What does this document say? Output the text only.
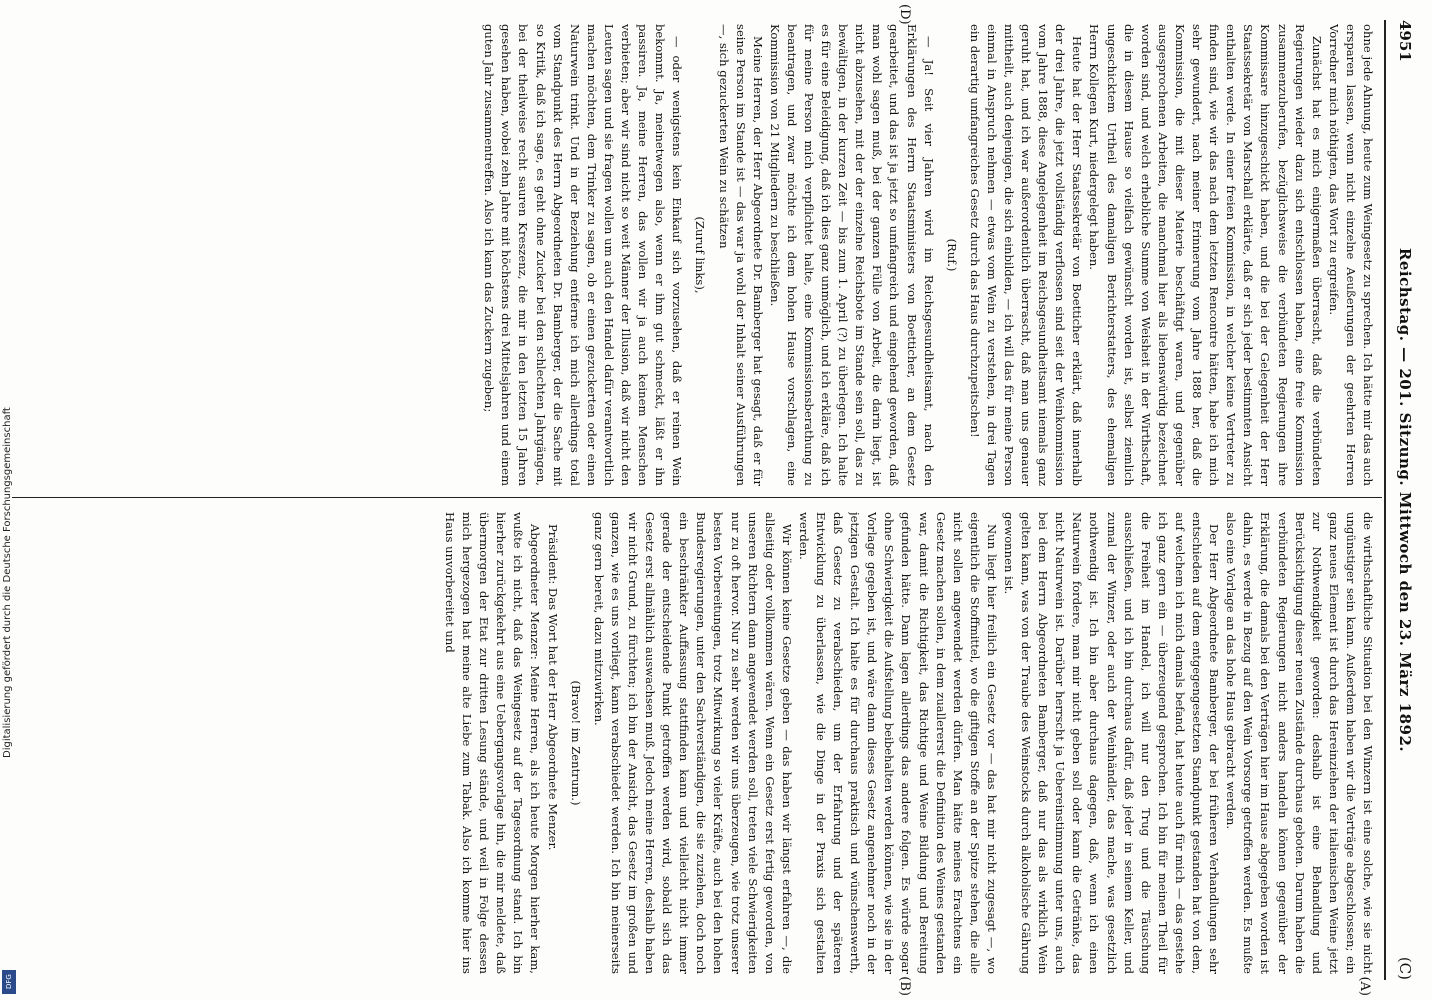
4951
Reichstag. — 201. Sitzung. Mittwoch den 23. März 1892.
(C)

ohne jede Ahnung, heute zum Weingesetz zu sprechen. Ich hätte mir das auch ersparen lassen, wenn nicht einzelne Aeußerungen der geehrten Herren Vorredner mich nöthigten, das Wort zu ergreifen.

Zunächst hat es mich einigermaßen überrascht, daß die verbündeten Regierungen wieder dazu sich entschlossen haben, eine freie Kommission zusammenzuberufen, bezüglichsweise die verbündeten Regierungen ihre Kommissare hinzugeschickt haben, und die bei der Gelegenheit der Herr Staatssekretär von Marschall erklärte, daß er sich jeder bestimmten Ansicht enthalten werde. In einer freien Kommission, in welcher keine Vertreter zu finden sind, wie wir das nach dem letzten Rencontre hätten, habe ich mich sehr gewundert, nach meiner Erinnerung vom Jahre 1888 her, daß die Kommission, die mit dieser Materie beschäftigt waren, und gegenüber ausgesprochenen Arbeiten, die manchmal hier als liebenswürdig bezeichnet worden sind, und welch erhebliche Summe von Weisheit in der Wirthschaft, die in diesem Hause so vielfach gewünscht worden ist, selbst ziemlich ungeschicktem Urtheil des damaligen Berichterstatters, des ehemaligen Herrn Kollegen Kurt, niedergelegt haben.

Heute hat der Herr Staatssekretär von Boetticher erklärt, daß innerhalb der drei Jahre, die jetzt vollständig verflossen sind seit der Weinkommission vom Jahre 1888, diese Angelegenheit im Reichsgesundheitsamt niemals ganz geruht hat, und ich war außerordentlich überrascht, daß man uns genauer mittheilt, auch denjenigen, die sich einbilden, — ich will das für meine Person einmal in Anspruch nehmen — etwas vom Wein zu verstehen, in drei Tagen ein derartig umfangreiches Gesetz durch das Haus durchzupeitschen!

(Ruf.)

— Ja! Seit vier Jahren wird im Reichsgesundheitsamt, nach den Erklärungen des Herrn Staatsministers von Boetticher, an dem Gesetz gearbeitet, und das ist ja jetzt so umfangreich und eingehend geworden, daß man wohl sagen muß, bei der ganzen Fülle von Arbeit, die darin liegt, ist nicht abzusehen, mit der der einzelne Reichsbote im Stande sein soll, das zu bewältigen, in der kurzen Zeit — bis zum 1. April (?) zu überlegen. Ich halte es für eine Beleidigung, daß ich dies ganz unmöglich, und ich erkläre, daß ich für meine Person mich verpflichtet halte, eine Kommissionsberathung zu beantragen, und zwar möchte ich dem hohen Hause vorschlagen, eine Kommission von 21 Mitgliedern zu beschließen.

Meine Herren, der Herr Abgeordnete Dr. Bamberger hat gesagt, daß er für seine Person im Stande ist — das war ja wohl der Inhalt seiner Ausführungen —, sich gezuckerten Wein zu schätzen

(Zuruf links),

— oder wenigstens kein Einkauf sich vorzusehen, daß er reinen Wein bekommt. Ja, meinetwegen also, wenn er ihm gut schmeckt, läßt er ihn passiren. Ja, meine Herren, das wollen wir ja auch keinem Menschen verbieten; aber wir sind nicht so weit Männer der Illusion, daß wir nicht den Leuten sagen und sie fragen wollen um auch den Handel dafür verantwortlich machen möchten, dem Trinker zu sagen, ob er einen gezuckerten oder einen Naturwein trinkt. Und in der Beziehung entferne ich mich allerdings total vom Standpunkt des Herrn Abgeordneten Dr. Bamberger, der die Sache mit so Kritik, daß ich sage, es geht ohne Zucker bei den schlechten Jahrgängen, bei der theilweise recht sauren Kreszenz, die mir in den letzten 15 Jahren gesehen haben, wobei zehn Jahre mit höchstens drei Mittelsjahren und einem guten Jahr zusammentreffen. Also ich kann das Zuckern zugeben;

die wirthschaftliche Situation bei den Winzern ist eine solche, wie sie nicht ungünstiger sein kann. Außerdem haben wir die Verträge abgeschlossen; ein ganz neues Element ist durch das Hereinziehen der italienischen Weine jetzt zur Nothwendigkeit geworden: deshalb ist eine Behandlung und Berücksichtigung dieser neuen Zustände durchaus geboten. Darum haben die verbündeten Regierungen nicht anders handeln können gegenüber der Erklärung, die damals bei den Verträgen hier im Hause abgegeben worden ist dahin, es werde in Bezug auf den Wein Vorsorge getroffen werden. Es mußte also eine Vorlage an das hohe Haus gebracht werden.

Der Herr Abgeordnete Bamberger, der bei früheren Verhandlungen sehr entschieden auf dem entgegengesetzten Standpunkt gestanden hat von dem, auf welchem ich mich damals befand, hat heute auch für mich — das gestehe ich ganz gern ein — überzeugend gesprochen. Ich bin für meinen Theil für die Freiheit im Handel, ich will nur den Trug und die Täuschung ausschließen, und ich bin durchaus dafür, daß jeder in seinem Keller, und zumal der Winzer, oder auch der Weinhändler, das mache, was gesetzlich nothwendig ist. Ich bin aber durchaus dagegen, daß, wenn ich einen Naturwein fordere, man mir nicht geben soll oder kann die Getränke, das nicht Naturwein ist. Darüber herrscht ja Uebereinstimmung unter uns, auch bei dem Herrn Abgeordneten Bamberger, daß nur das als wirklich Wein gelten kann, was von der Traube des Weinstocks durch alkoholische Gährung gewonnen ist.

Nun liegt hier freilich ein Gesetz vor — das hat mir nicht zugesagt —, wo eigentlich die Stoffmittel, wo die giftigen Stoffe an der Spitze stehen, die alle nicht sollen angewendet werden dürfen. Man hätte meines Erachtens ein Gesetz machen sollen, in dem zuallererst die Definition des Weines gestanden war, damit die Richtigkeit, das Richtige und Weine Bildung und Bereitung gefunden hätte. Dann lagen allerdings das andere folgen. Es würde sogar ohne Schwierigkeit die Aufstellung beibehalten werden können, wie sie in der Vorlage gegeben ist, und wäre dann dieses Gesetz angenehmer noch in der jetzigen Gestalt. Ich halte es für durchaus praktisch und wünschenswerth, daß Gesetz zu verabschieden, um der Erfahrung und der späteren Entwicklung zu überlassen, wie die Dinge in der Praxis sich gestalten werden.

Wir können keine Gesetze geben — das haben wir längst erfahren —, die allseitig oder vollkommen wären. Wenn ein Gesetz erst fertig geworden, von unseren Richtern dann angewendet werden soll, treten viele Schwierigkeiten nur zu oft hervor. Nur zu sehr werden wir uns überzeugen, wie trotz unserer besten Vorbereitungen, trotz Mitwirkung so vieler Kräfte, auch bei den hohen Bundesregierungen, unter den Sachverständigen, die sie zuziehen, doch noch ein beschränkter Auffassung stattfinden kann und vielleicht nicht immer gerade der entscheidende Punkt getroffen werden wird, sobald sich das Gesetz erst allmählich auswachsen muß. Jedoch meine Herren, deshalb haben wir nicht Grund, zu fürchten; ich bin der Ansicht, das Gesetz im großen und ganzen, wie es uns vorliegt, kann verabschiedet werden. Ich bin meinerseits ganz gern bereit, dazu mitzuwirken.

(Bravo! im Zentrum.)

Präsident: Das Wort hat der Herr Abgeordnete Menzer.

Abgeordneter Menzer: Meine Herren, als ich heute Morgen hierher kam, wußte ich nicht, daß das Weingesetz auf der Tagesordnung stand. Ich bin hierher zurückgekehrt aus eine Uebergangsvorlage hin, die mir meldete, daß übermorgen der Etat zur dritten Lesung stände, und weil in Folge dessen mich hergezogen hat meine alte Liebe zum Tabak. Also ich komme hier ins Haus unvorbereitet und

(A)
(B)
(D)
Digitalisierung gefördert durch die Deutsche Forschungsgemeinschaft
DFG
